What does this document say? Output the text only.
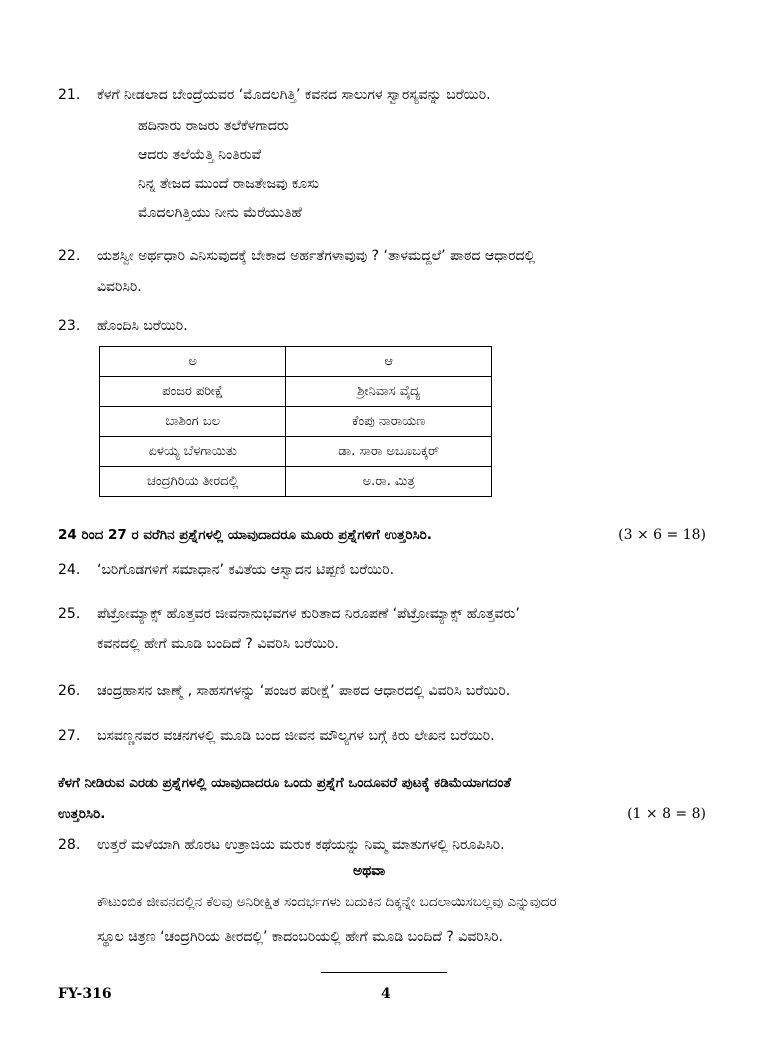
21. ಕೆಳಗೆ ನೀಡಲಾದ ಬೇಂದ್ರೆಯವರ ‘ಮೊದಲಗಿತ್ತಿ’ ಕವನದ ಸಾಲುಗಳ ಸ್ವಾರಸ್ಯವನ್ನು ಬರೆಯಿರಿ.
ಹದಿನಾರು ರಾಜರು ತಲೆಕೆಳಗಾದರು
ಆದರು ತಲೆಯೆತ್ತಿ ನಿಂತಿರುವೆ
ನಿನ್ನ ತೇಜದ ಮುಂದೆ ರಾಜತೇಜವು ಕೂಸು
ಮೊದಲಗಿತ್ತಿಯು ನೀನು ಮೆರೆಯುತಿಹೆ
22. ಯಶಸ್ವೀ ಅರ್ಥಧಾರಿ ಎನಿಸುವುದಕ್ಕೆ ಬೇಕಾದ ಅರ್ಹತೆಗಳಾವುವು ? ‘ತಾಳಮದ್ದಲೆ’ ಪಾಠದ ಆಧಾರದಲ್ಲಿ
ವಿವರಿಸಿರಿ.
23. ಹೊಂದಿಸಿ ಬರೆಯಿರಿ.
ಅ	ಆ
ಪಂಜರ ಪರೀಕ್ಷೆ	ಶ್ರೀನಿವಾಸ ವೈದ್ಯ
ಬಾಶಿಂಗ ಬಲ	ಕೆಂಪು ನಾರಾಯಣ
ಏಳಯ್ಯ ಬೆಳಗಾಯಿತು	ಡಾ. ಸಾರಾ ಅಬೂಬಕ್ಕರ್
ಚಂದ್ರಗಿರಿಯ ತೀರದಲ್ಲಿ	ಅ.ರಾ. ಮಿತ್ರ
24 ರಿಂದ 27 ರ ವರೆಗಿನ ಪ್ರಶ್ನೆಗಳಲ್ಲಿ ಯಾವುದಾದರೂ ಮೂರು ಪ್ರಶ್ನೆಗಳಿಗೆ ಉತ್ತರಿಸಿರಿ.	(3 × 6 = 18)
24. ‘ಬರಿಗೊಡಗಳಿಗೆ ಸಮಾಧಾನ’ ಕವಿತೆಯ ಆಸ್ವಾದನ ಟಿಪ್ಪಣಿ ಬರೆಯಿರಿ.
25. ಪೆಟ್ರೋಮ್ಯಾಕ್ಸ್ ಹೊತ್ತವರ ಜೀವನಾನುಭವಗಳ ಕುರಿತಾದ ನಿರೂಪಣೆ ‘ಪೆಟ್ರೋಮ್ಯಾಕ್ಸ್ ಹೊತ್ತವರು’
ಕವನದಲ್ಲಿ ಹೇಗೆ ಮೂಡಿ ಬಂದಿದೆ ? ವಿವರಿಸಿ ಬರೆಯಿರಿ.
26. ಚಂದ್ರಹಾಸನ ಜಾಣ್ಮೆ , ಸಾಹಸಗಳನ್ನು ‘ಪಂಜರ ಪರೀಕ್ಷೆ’ ಪಾಠದ ಆಧಾರದಲ್ಲಿ ವಿವರಿಸಿ ಬರೆಯಿರಿ.
27. ಬಸವಣ್ಣನವರ ವಚನಗಳಲ್ಲಿ ಮೂಡಿ ಬಂದ ಜೀವನ ಮೌಲ್ಯಗಳ ಬಗ್ಗೆ ಕಿರು ಲೇಖನ ಬರೆಯಿರಿ.
ಕೆಳಗೆ ನೀಡಿರುವ ಎರಡು ಪ್ರಶ್ನೆಗಳಲ್ಲಿ ಯಾವುದಾದರೂ ಒಂದು ಪ್ರಶ್ನೆಗೆ ಒಂದೂವರೆ ಪುಟಕ್ಕೆ ಕಡಿಮೆಯಾಗದಂತೆ
ಉತ್ತರಿಸಿರಿ.	(1 × 8 = 8)
28. ಉತ್ತರೆ ಮಳೆಯಾಗಿ ಹೊರಟ ಉತ್ರಾಜಿಯ ಮರುಕ ಕಥೆಯನ್ನು ನಿಮ್ಮ ಮಾತುಗಳಲ್ಲಿ ನಿರೂಪಿಸಿರಿ.
ಅಥವಾ
ಕೌಟುಂಬಿಕ ಜೀವನದಲ್ಲಿನ ಕೆಲವು ಅನಿರೀಕ್ಷಿತ ಸಂದರ್ಭಗಳು ಬದುಕಿನ ದಿಕ್ಕನ್ನೇ ಬದಲಾಯಿಸಬಲ್ಲವು ಎನ್ನುವುದರ
ಸ್ಥೂಲ ಚಿತ್ರಣ ‘ಚಂದ್ರಗಿರಿಯ ತೀರದಲ್ಲಿ’ ಕಾದಂಬರಿಯಲ್ಲಿ ಹೇಗೆ ಮೂಡಿ ಬಂದಿದೆ ? ವಿವರಿಸಿರಿ.
FY-316	4
